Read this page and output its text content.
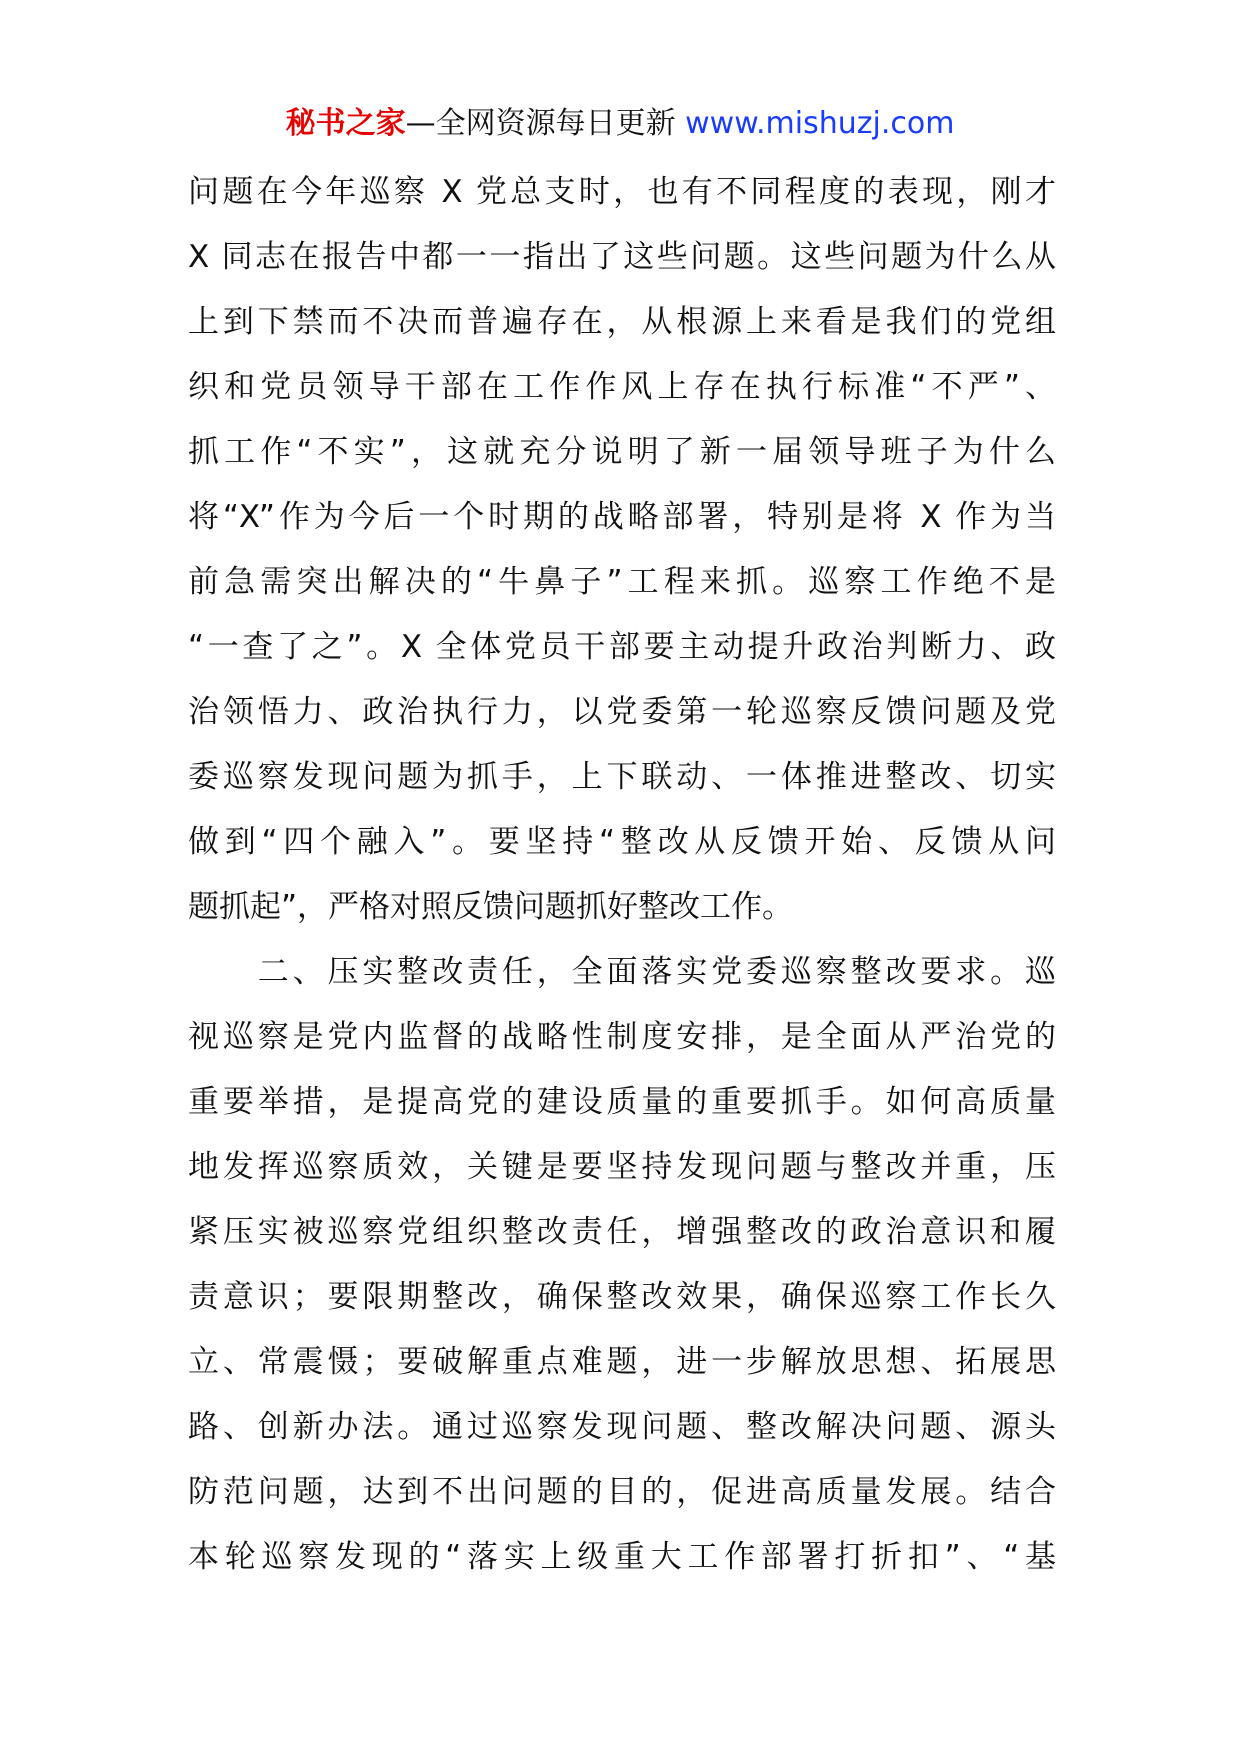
秘书之家—全网资源每日更新 www.mishuzj.com
问题在今年巡察 X 党总支时，也有不同程度的表现，刚才
X 同志在报告中都一一指出了这些问题。这些问题为什么从
上到下禁而不决而普遍存在，从根源上来看是我们的党组
织和党员领导干部在工作作风上存在执行标准“不严”、
抓工作“不实”，这就充分说明了新一届领导班子为什么
将“X”作为今后一个时期的战略部署，特别是将 X 作为当
前急需突出解决的“牛鼻子”工程来抓。巡察工作绝不是
“一查了之”。X 全体党员干部要主动提升政治判断力、政
治领悟力、政治执行力，以党委第一轮巡察反馈问题及党
委巡察发现问题为抓手，上下联动、一体推进整改、切实
做到“四个融入”。要坚持“整改从反馈开始、反馈从问
题抓起”，严格对照反馈问题抓好整改工作。
　　二、压实整改责任，全面落实党委巡察整改要求。巡
视巡察是党内监督的战略性制度安排，是全面从严治党的
重要举措，是提高党的建设质量的重要抓手。如何高质量
地发挥巡察质效，关键是要坚持发现问题与整改并重，压
紧压实被巡察党组织整改责任，增强整改的政治意识和履
责意识；要限期整改，确保整改效果，确保巡察工作长久
立、常震慑；要破解重点难题，进一步解放思想、拓展思
路、创新办法。通过巡察发现问题、整改解决问题、源头
防范问题，达到不出问题的目的，促进高质量发展。结合
本轮巡察发现的“落实上级重大工作部署打折扣”、“基
